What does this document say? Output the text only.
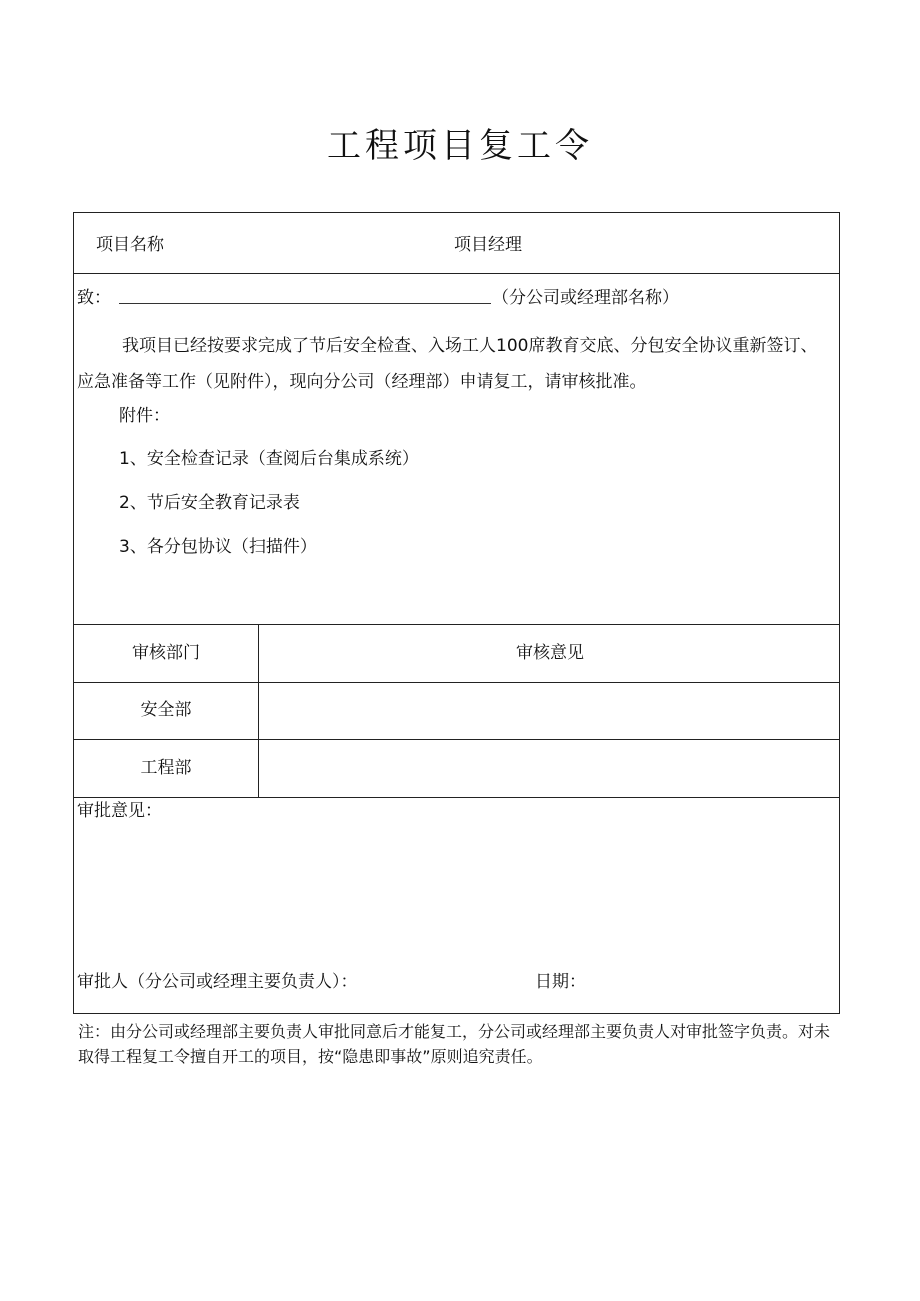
工程项目复工令
项目名称	项目经理
致：	（分公司或经理部名称）
我项目已经按要求完成了节后安全检查、入场工人100席教育交底、分包安全协议重新签订、应急准备等工作（见附件），现向分公司（经理部）申请复工，请审核批准。
附件：
1、安全检查记录（查阅后台集成系统）
2、节后安全教育记录表
3、各分包协议（扫描件）
审核部门	审核意见
安全部
工程部
审批意见：
审批人（分公司或经理主要负责人）：	日期：
注：由分公司或经理部主要负责人审批同意后才能复工，分公司或经理部主要负责人对审批签字负责。对未取得工程复工令擅自开工的项目，按“隐患即事故”原则追究责任。
